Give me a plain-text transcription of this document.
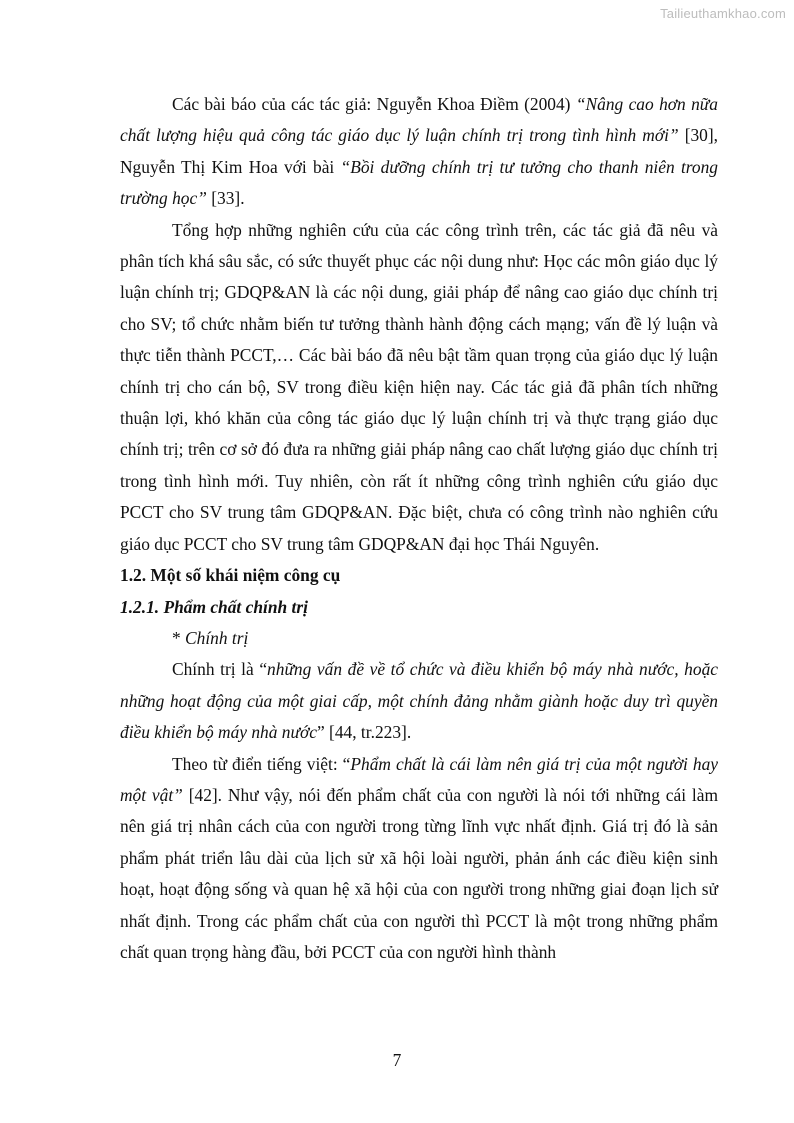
Tailieuthamkhao.com

Các bài báo của các tác giả: Nguyễn Khoa Điềm (2004) “Nâng cao hơn nữa chất lượng hiệu quả công tác giáo dục lý luận chính trị trong tình hình mới” [30], Nguyễn Thị Kim Hoa với bài “Bồi dưỡng chính trị tư tưởng cho thanh niên trong trường học” [33].

Tổng hợp những nghiên cứu của các công trình trên, các tác giả đã nêu và phân tích khá sâu sắc, có sức thuyết phục các nội dung như: Học các môn giáo dục lý luận chính trị; GDQP&AN là các nội dung, giải pháp để nâng cao giáo dục chính trị cho SV; tổ chức nhằm biến tư tưởng thành hành động cách mạng; vấn đề lý luận và thực tiễn thành PCCT,… Các bài báo đã nêu bật tầm quan trọng của giáo dục lý luận chính trị cho cán bộ, SV trong điều kiện hiện nay. Các tác giả đã phân tích những thuận lợi, khó khăn của công tác giáo dục lý luận chính trị và thực trạng giáo dục chính trị; trên cơ sở đó đưa ra những giải pháp nâng cao chất lượng giáo dục chính trị trong tình hình mới. Tuy nhiên, còn rất ít những công trình nghiên cứu giáo dục PCCT cho SV trung tâm GDQP&AN. Đặc biệt, chưa có công trình nào nghiên cứu giáo dục PCCT cho SV trung tâm GDQP&AN đại học Thái Nguyên.

1.2. Một số khái niệm công cụ
1.2.1. Phẩm chất chính trị
* Chính trị

Chính trị là “những vấn đề về tổ chức và điều khiển bộ máy nhà nước, hoặc những hoạt động của một giai cấp, một chính đảng nhằm giành hoặc duy trì quyền điều khiển bộ máy nhà nước” [44, tr.223].

Theo từ điển tiếng việt: “Phẩm chất là cái làm nên giá trị của một người hay một vật” [42]. Như vậy, nói đến phẩm chất của con người là nói tới những cái làm nên giá trị nhân cách của con người trong từng lĩnh vực nhất định. Giá trị đó là sản phẩm phát triển lâu dài của lịch sử xã hội loài người, phản ánh các điều kiện sinh hoạt, hoạt động sống và quan hệ xã hội của con người trong những giai đoạn lịch sử nhất định. Trong các phẩm chất của con người thì PCCT là một trong những phẩm chất quan trọng hàng đầu, bởi PCCT của con người hình thành

7
